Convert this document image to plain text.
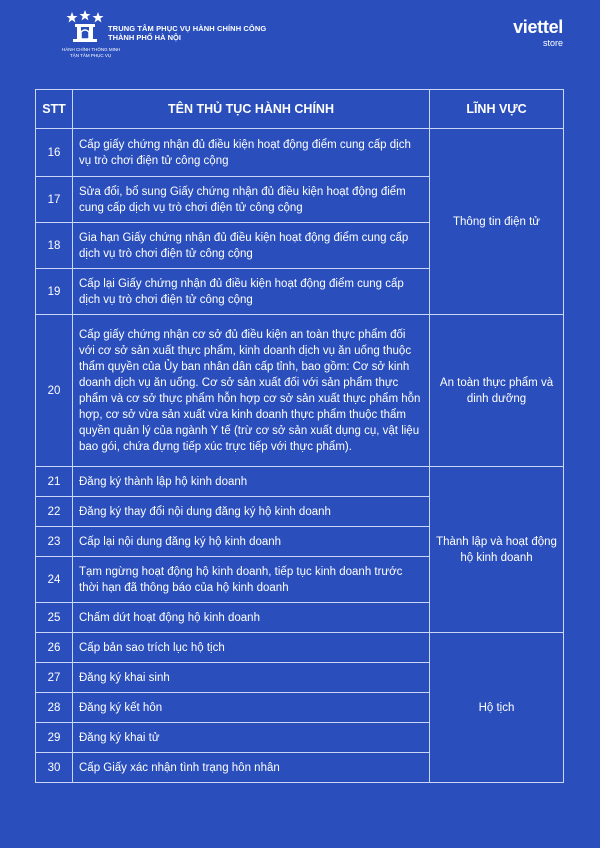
TRUNG TÂM PHỤC VỤ HÀNH CHÍNH CÔNG
THÀNH PHỐ HÀ NỘI
HÀNH CHÍNH THÔNG MINH
TẬN TÂM PHỤC VỤ
viettel
store
STT	TÊN THỦ TỤC HÀNH CHÍNH	LĨNH VỰC
16	Cấp giấy chứng nhận đủ điều kiện hoạt động điểm cung cấp dịch vụ trò chơi điện tử công cộng	Thông tin điện tử
17	Sửa đổi, bổ sung Giấy chứng nhận đủ điều kiện hoạt động điểm cung cấp dịch vụ trò chơi điện tử công cộng	
18	Gia hạn Giấy chứng nhận đủ điều kiện hoạt động điểm cung cấp dịch vụ trò chơi điện tử công cộng	
19	Cấp lại Giấy chứng nhận đủ điều kiện hoạt động điểm cung cấp dịch vụ trò chơi điện tử công cộng	
20	Cấp giấy chứng nhận cơ sở đủ điều kiện an toàn thực phẩm đối với cơ sở sản xuất thực phẩm, kinh doanh dịch vụ ăn uống thuộc thẩm quyền của Ủy ban nhân dân cấp tỉnh, bao gồm: Cơ sở kinh doanh dịch vụ ăn uống. Cơ sở sản xuất đối với sản phẩm thực phẩm và cơ sở thực phẩm hỗn hợp cơ sở sản xuất thực phẩm hỗn hợp, cơ sở vừa sản xuất vừa kinh doanh thực phẩm thuộc thẩm quyền quản lý của ngành Y tế (trừ cơ sở sản xuất dụng cụ, vật liệu bao gói, chứa đựng tiếp xúc trực tiếp với thực phẩm).	An toàn thực phẩm và dinh dưỡng
21	Đăng ký thành lập hộ kinh doanh	Thành lập và hoạt động hộ kinh doanh
22	Đăng ký thay đổi nội dung đăng ký hộ kinh doanh	
23	Cấp lại nội dung đăng ký hộ kinh doanh	
24	Tạm ngừng hoạt động hộ kinh doanh, tiếp tục kinh doanh trước thời hạn đã thông báo của hộ kinh doanh	
25	Chấm dứt hoạt động hộ kinh doanh	
26	Cấp bản sao trích lục hộ tịch	Hộ tịch
27	Đăng ký khai sinh	
28	Đăng ký kết hôn	
29	Đăng ký khai tử	
30	Cấp Giấy xác nhận tình trạng hôn nhân	
